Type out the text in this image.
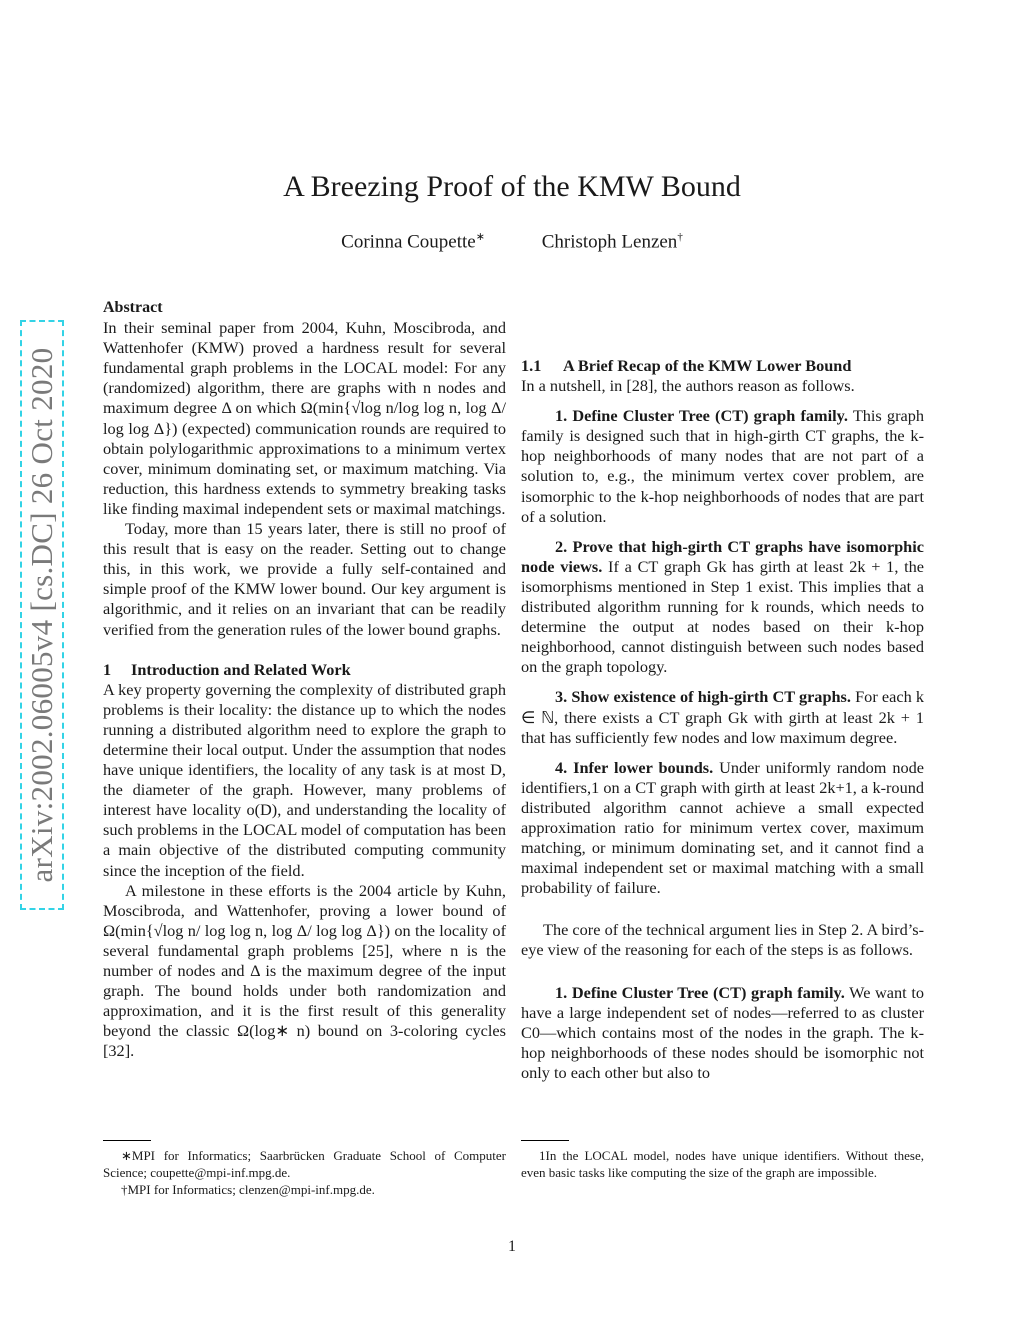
arXiv:2002.06005v4 [cs.DC] 26 Oct 2020
A Breezing Proof of the KMW Bound
Corinna Coupette∗	Christoph Lenzen†

Abstract

In their seminal paper from 2004, Kuhn, Moscibroda, and Wattenhofer (KMW) proved a hardness result for several fundamental graph problems in the LOCAL model: For any (randomized) algorithm, there are graphs with n nodes and maximum degree Δ on which Ω(min{√log n/log log n, log Δ/ log log Δ}) (expected) communication rounds are required to obtain polylogarithmic approximations to a minimum vertex cover, minimum dominating set, or maximum matching. Via reduction, this hardness extends to symmetry breaking tasks like finding maximal independent sets or maximal matchings.

Today, more than 15 years later, there is still no proof of this result that is easy on the reader. Setting out to change this, in this work, we provide a fully self-contained and simple proof of the KMW lower bound. Our key argument is algorithmic, and it relies on an invariant that can be readily verified from the generation rules of the lower bound graphs.

1 Introduction and Related Work

A key property governing the complexity of distributed graph problems is their locality: the distance up to which the nodes running a distributed algorithm need to explore the graph to determine their local output. Under the assumption that nodes have unique identifiers, the locality of any task is at most D, the diameter of the graph. However, many problems of interest have locality o(D), and understanding the locality of such problems in the LOCAL model of computation has been a main objective of the distributed computing community since the inception of the field.

A milestone in these efforts is the 2004 article by Kuhn, Moscibroda, and Wattenhofer, proving a lower bound of Ω(min{√log n/ log log n, log Δ/ log log Δ}) on the locality of several fundamental graph problems [25], where n is the number of nodes and Δ is the maximum degree of the input graph. The bound holds under both randomization and approximation, and it is the first result of this generality beyond the classic Ω(log∗ n) bound on 3-coloring cycles [32].

1.1 A Brief Recap of the KMW Lower Bound

In a nutshell, in [28], the authors reason as follows.

1. Define Cluster Tree (CT) graph family. This graph family is designed such that in high-girth CT graphs, the k-hop neighborhoods of many nodes that are not part of a solution to, e.g., the minimum vertex cover problem, are isomorphic to the k-hop neighborhoods of nodes that are part of a solution.

2. Prove that high-girth CT graphs have isomorphic node views. If a CT graph Gk has girth at least 2k + 1, the isomorphisms mentioned in Step 1 exist. This implies that a distributed algorithm running for k rounds, which needs to determine the output at nodes based on their k-hop neighborhood, cannot distinguish between such nodes based on the graph topology.

3. Show existence of high-girth CT graphs. For each k ∈ ℕ, there exists a CT graph Gk with girth at least 2k + 1 that has sufficiently few nodes and low maximum degree.

4. Infer lower bounds. Under uniformly random node identifiers,1 on a CT graph with girth at least 2k+1, a k-round distributed algorithm cannot achieve a small expected approximation ratio for minimum vertex cover, maximum matching, or minimum dominating set, and it cannot find a maximal independent set or maximal matching with a small probability of failure.

The core of the technical argument lies in Step 2. A bird’s-eye view of the reasoning for each of the steps is as follows.

1. Define Cluster Tree (CT) graph family. We want to have a large independent set of nodes—referred to as cluster C0—which contains most of the nodes in the graph. The k-hop neighborhoods of these nodes should be isomorphic not only to each other but also to

∗MPI for Informatics; Saarbrücken Graduate School of Computer Science; coupette@mpi-inf.mpg.de.

†MPI for Informatics; clenzen@mpi-inf.mpg.de.

1In the LOCAL model, nodes have unique identifiers. Without these, even basic tasks like computing the size of the graph are impossible.

1
